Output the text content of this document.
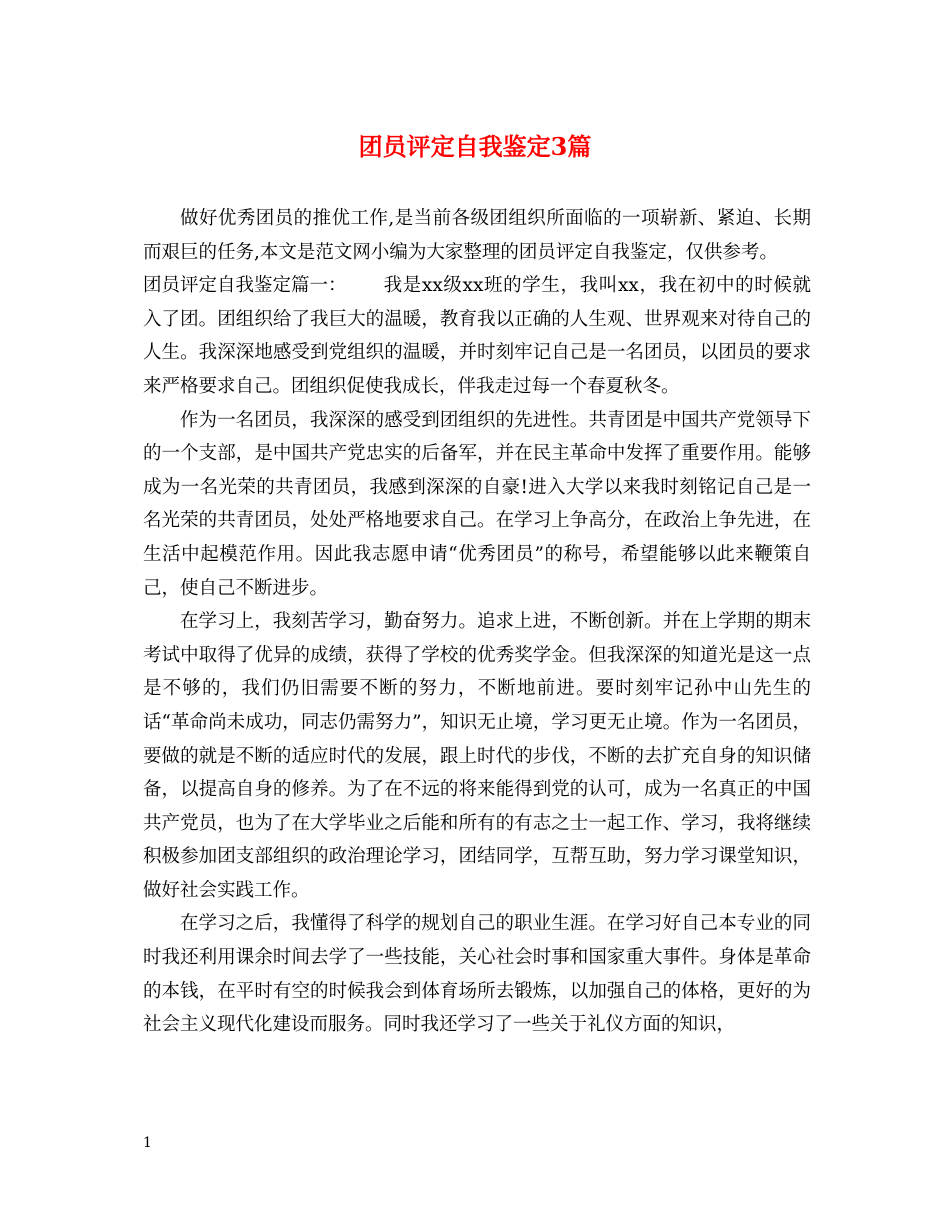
团员评定自我鉴定3篇

做好优秀团员的推优工作,是当前各级团组织所面临的一项崭新、紧迫、长期而艰巨的任务,本文是范文网小编为大家整理的团员评定自我鉴定，仅供参考。

团员评定自我鉴定篇一： 我是xx级xx班的学生，我叫xx，我在初中的时候就入了团。团组织给了我巨大的温暖，教育我以正确的人生观、世界观来对待自己的人生。我深深地感受到党组织的温暖，并时刻牢记自己是一名团员，以团员的要求来严格要求自己。团组织促使我成长，伴我走过每一个春夏秋冬。

作为一名团员，我深深的感受到团组织的先进性。共青团是中国共产党领导下的一个支部，是中国共产党忠实的后备军，并在民主革命中发挥了重要作用。能够成为一名光荣的共青团员，我感到深深的自豪!进入大学以来我时刻铭记自己是一名光荣的共青团员，处处严格地要求自己。在学习上争高分，在政治上争先进，在生活中起模范作用。因此我志愿申请“优秀团员”的称号，希望能够以此来鞭策自己，使自己不断进步。

在学习上，我刻苦学习，勤奋努力。追求上进，不断创新。并在上学期的期末考试中取得了优异的成绩，获得了学校的优秀奖学金。但我深深的知道光是这一点是不够的，我们仍旧需要不断的努力，不断地前进。要时刻牢记孙中山先生的话“革命尚未成功，同志仍需努力”，知识无止境，学习更无止境。作为一名团员，要做的就是不断的适应时代的发展，跟上时代的步伐，不断的去扩充自身的知识储备，以提高自身的修养。为了在不远的将来能得到党的认可，成为一名真正的中国共产党员，也为了在大学毕业之后能和所有的有志之士一起工作、学习，我将继续积极参加团支部组织的政治理论学习，团结同学，互帮互助，努力学习课堂知识，做好社会实践工作。

在学习之后，我懂得了科学的规划自己的职业生涯。在学习好自己本专业的同时我还利用课余时间去学了一些技能，关心社会时事和国家重大事件。身体是革命的本钱，在平时有空的时候我会到体育场所去锻炼，以加强自己的体格，更好的为社会主义现代化建设而服务。同时我还学习了一些关于礼仪方面的知识，

1
